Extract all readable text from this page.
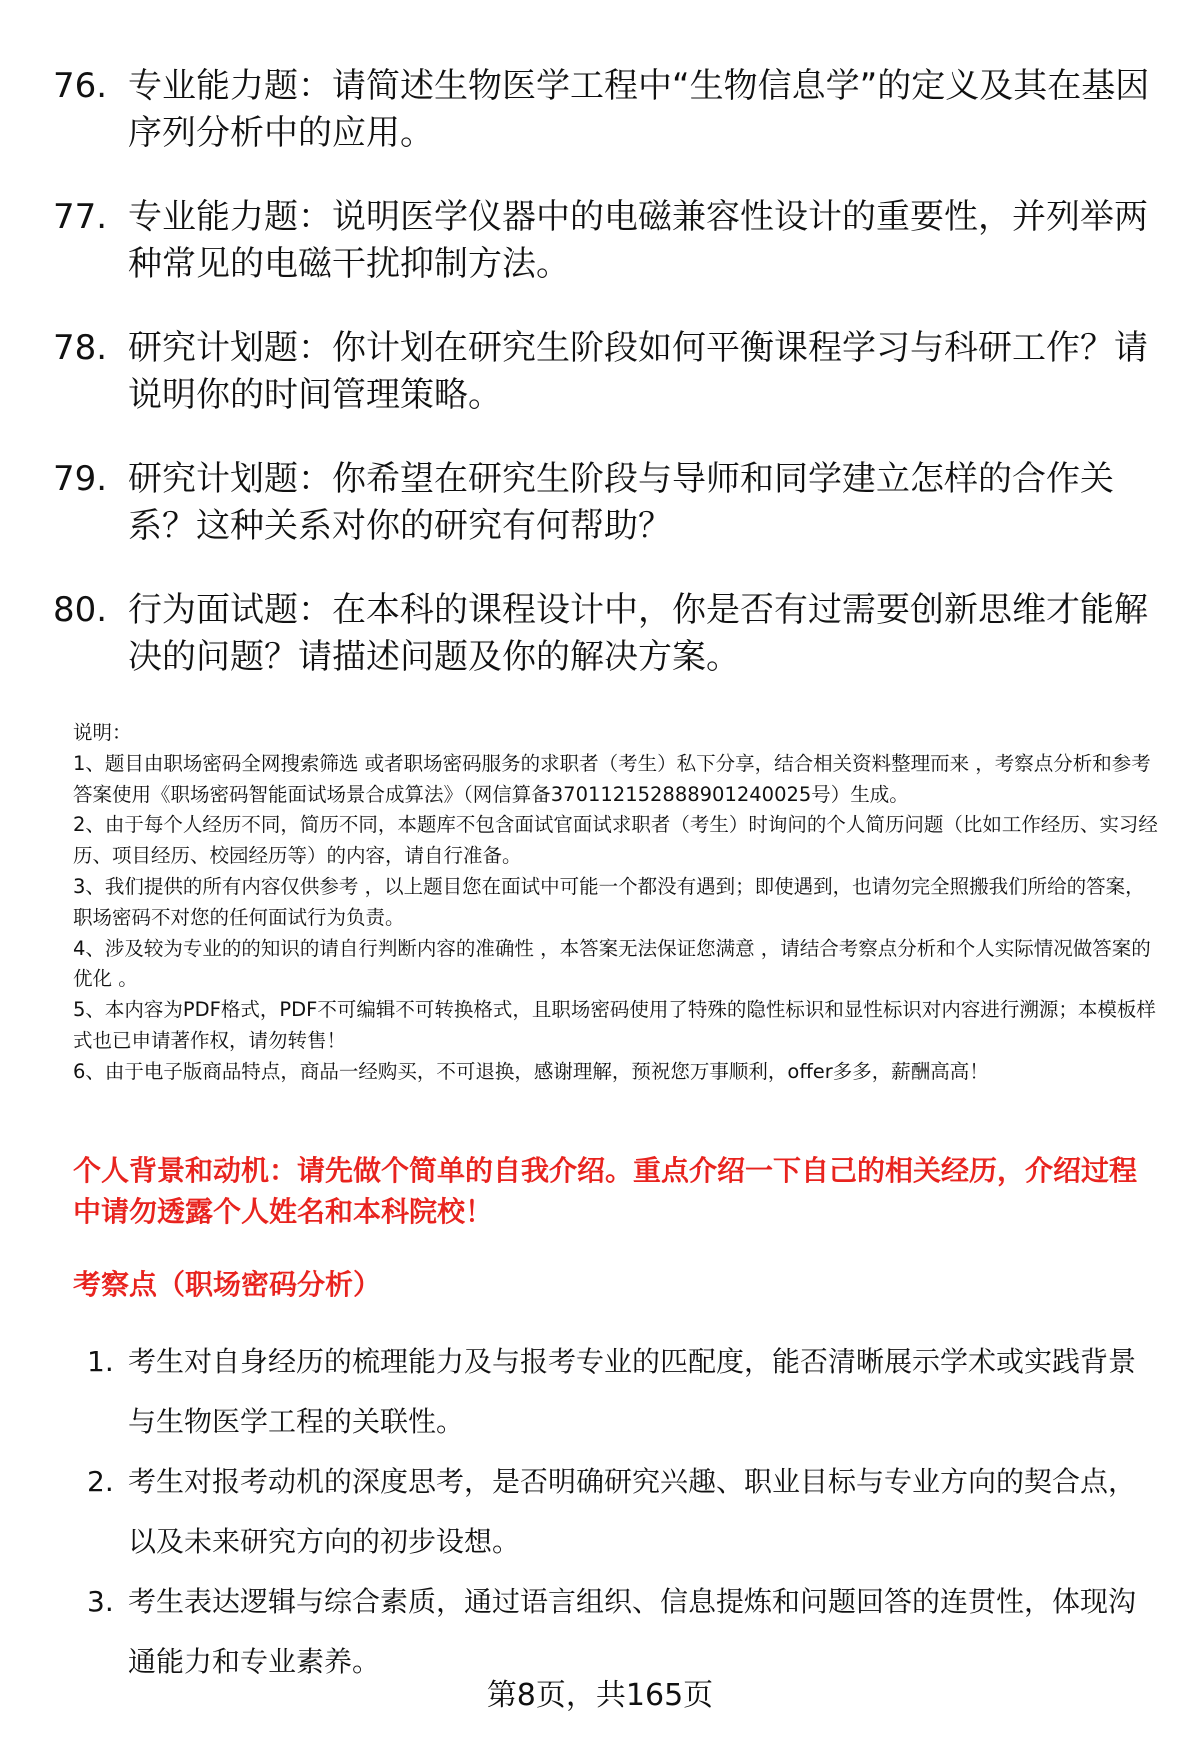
76. 专业能力题：请简述生物医学工程中“生物信息学”的定义及其在基因序列分析中的应用。
77. 专业能力题：说明医学仪器中的电磁兼容性设计的重要性，并列举两种常见的电磁干扰抑制方法。
78. 研究计划题：你计划在研究生阶段如何平衡课程学习与科研工作？请说明你的时间管理策略。
79. 研究计划题：你希望在研究生阶段与导师和同学建立怎样的合作关系？这种关系对你的研究有何帮助？
80. 行为面试题：在本科的课程设计中，你是否有过需要创新思维才能解决的问题？请描述问题及你的解决方案。
说明：
1、题目由职场密码全网搜索筛选 或者职场密码服务的求职者（考生）私下分享，结合相关资料整理而来 ，考察点分析和参考答案使用《职场密码智能面试场景合成算法》（网信算备370112152888901240025号）生成。
2、由于每个人经历不同，简历不同，本题库不包含面试官面试求职者（考生）时询问的个人简历问题（比如工作经历、实习经历、项目经历、校园经历等）的内容，请自行准备。
3、我们提供的所有内容仅供参考 ，以上题目您在面试中可能一个都没有遇到；即使遇到，也请勿完全照搬我们所给的答案，职场密码不对您的任何面试行为负责。
4、涉及较为专业的的知识的请自行判断内容的准确性 ，本答案无法保证您满意 ，请结合考察点分析和个人实际情况做答案的优化 。
5、本内容为PDF格式，PDF不可编辑不可转换格式，且职场密码使用了特殊的隐性标识和显性标识对内容进行溯源；本模板样式也已申请著作权，请勿转售！
6、由于电子版商品特点，商品一经购买，不可退换，感谢理解，预祝您万事顺利，offer多多，薪酬高高！
个人背景和动机：请先做个简单的自我介绍。重点介绍一下自己的相关经历，介绍过程中请勿透露个人姓名和本科院校！
考察点（职场密码分析）
1. 考生对自身经历的梳理能力及与报考专业的匹配度，能否清晰展示学术或实践背景与生物医学工程的关联性。
2. 考生对报考动机的深度思考，是否明确研究兴趣、职业目标与专业方向的契合点，以及未来研究方向的初步设想。
3. 考生表达逻辑与综合素质，通过语言组织、信息提炼和问题回答的连贯性，体现沟通能力和专业素养。
第8页，共165页
